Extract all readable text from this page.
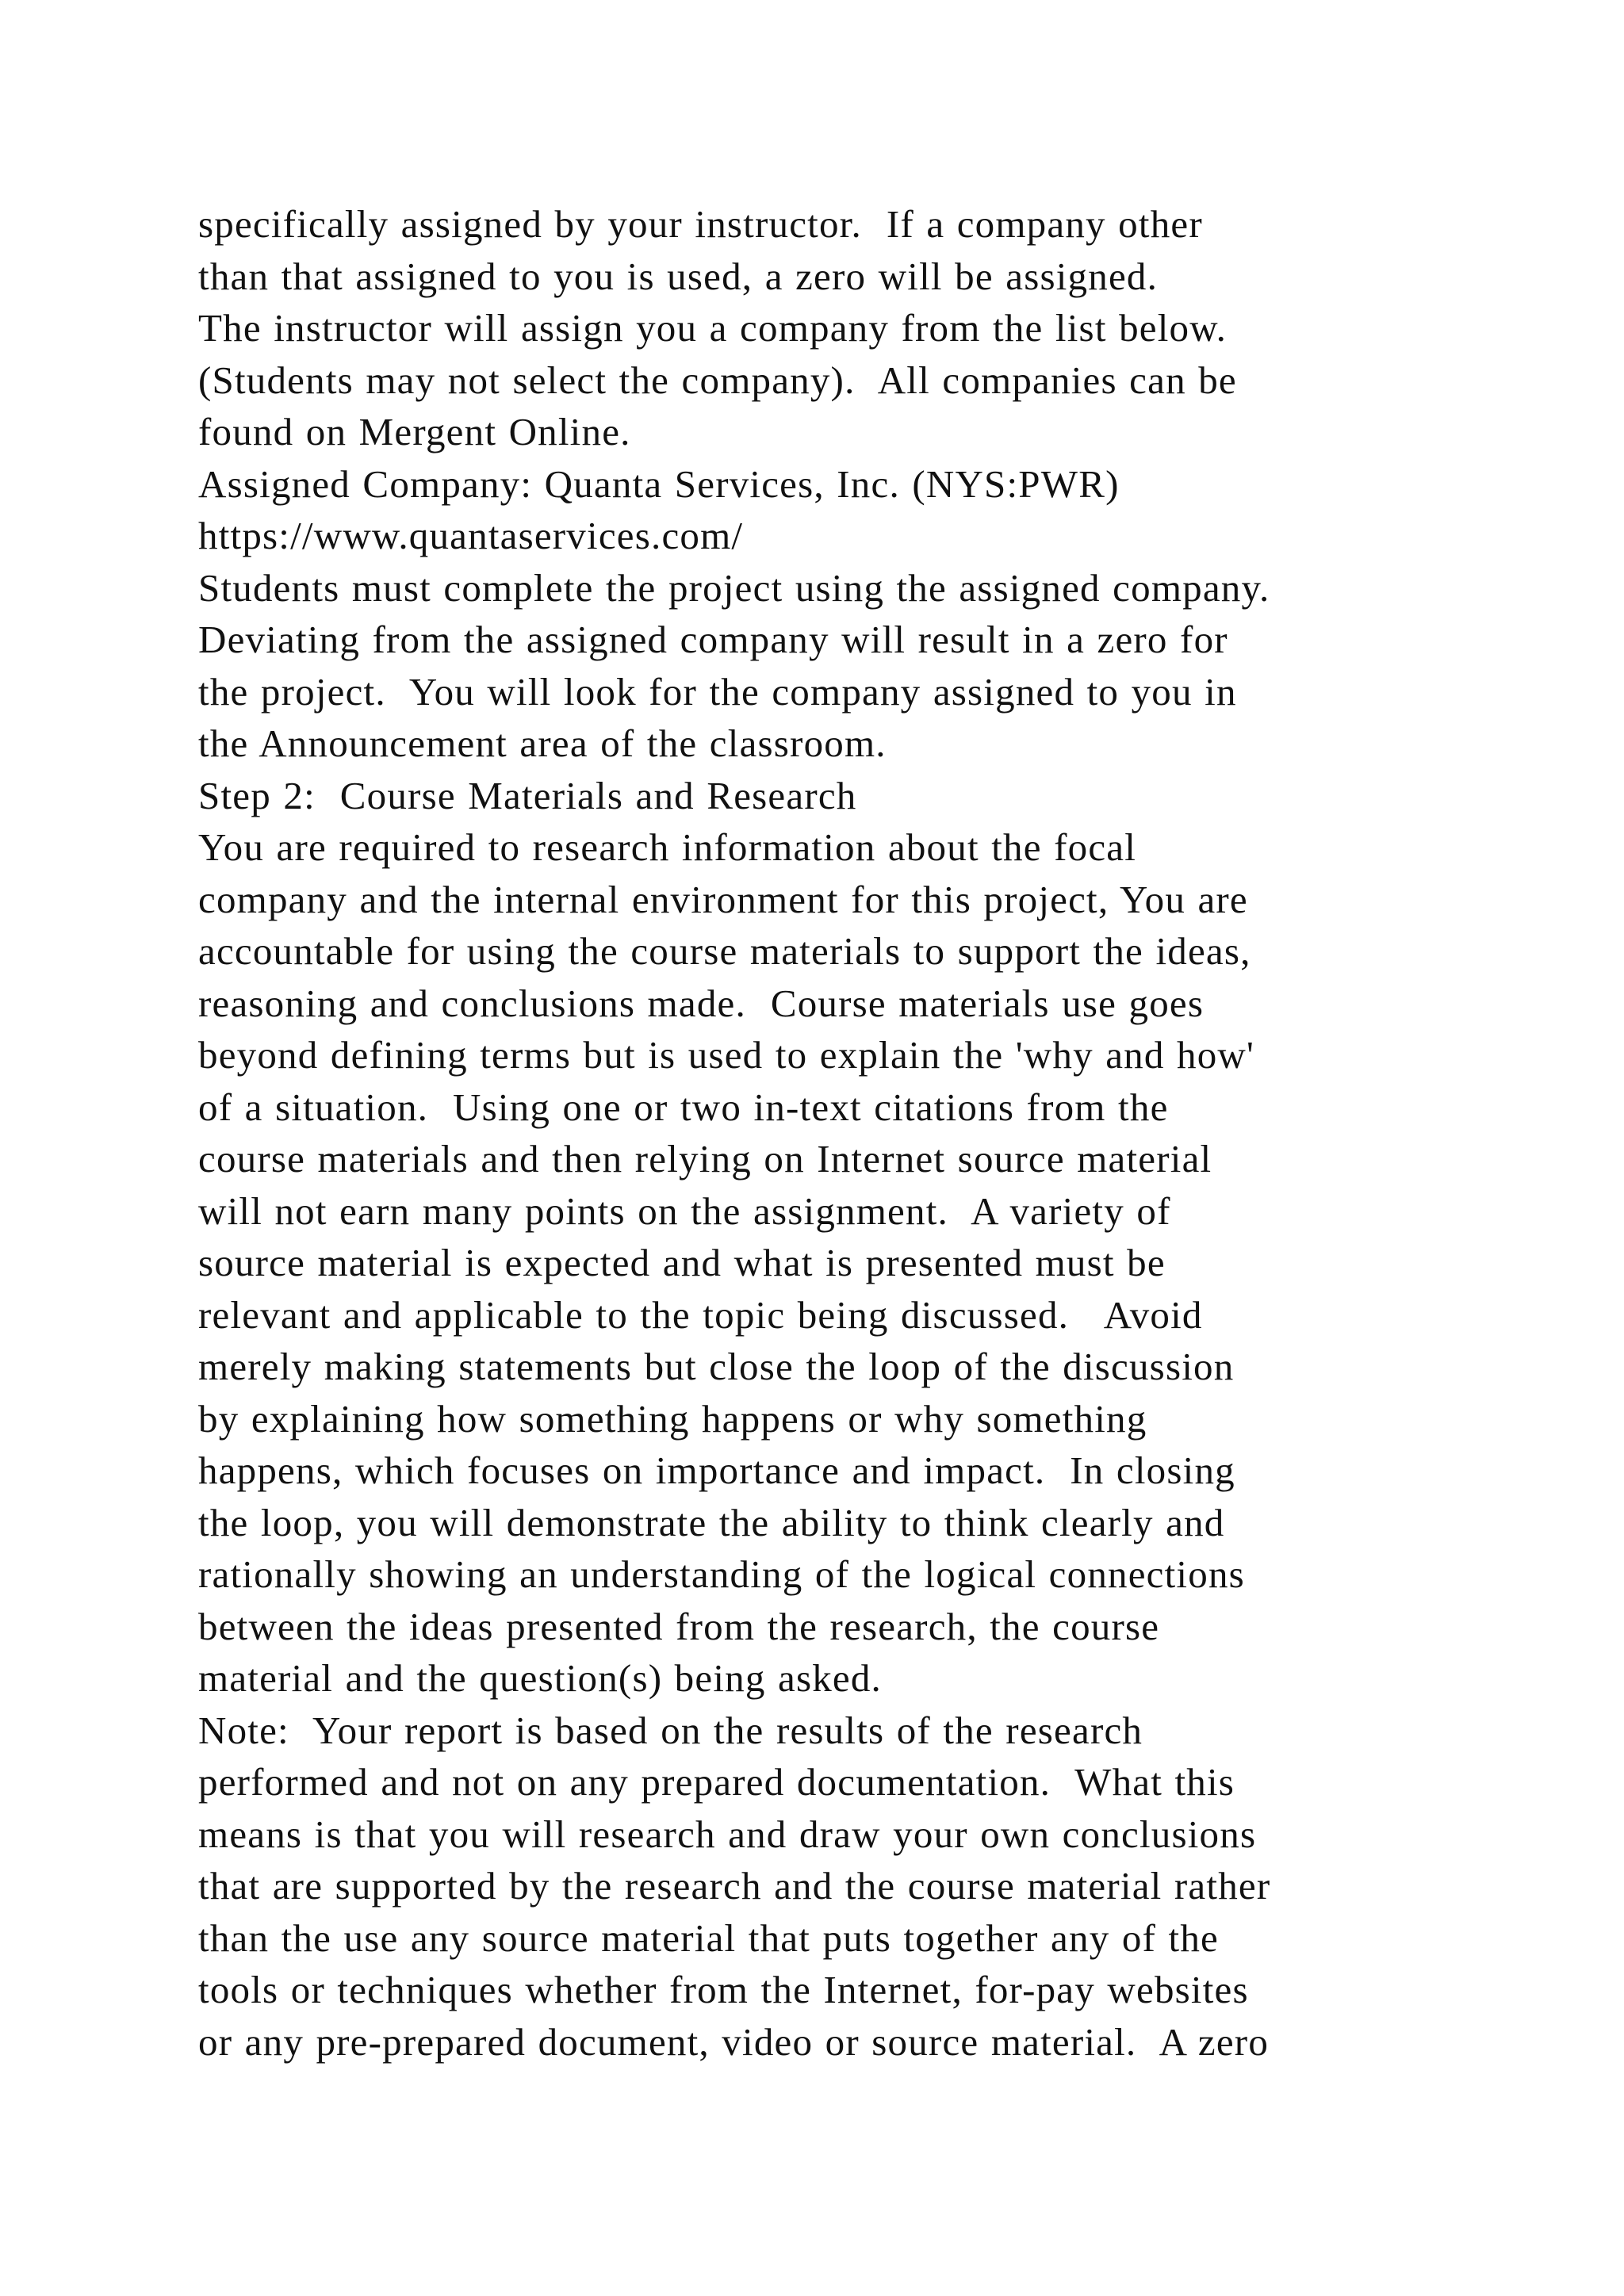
specifically assigned by your instructor.  If a company other
than that assigned to you is used, a zero will be assigned.
The instructor will assign you a company from the list below.
(Students may not select the company).  All companies can be
found on Mergent Online.
Assigned Company: Quanta Services, Inc. (NYS:PWR)
https://www.quantaservices.com/
Students must complete the project using the assigned company.
Deviating from the assigned company will result in a zero for
the project.  You will look for the company assigned to you in
the Announcement area of the classroom.
Step 2:  Course Materials and Research
You are required to research information about the focal
company and the internal environment for this project, You are
accountable for using the course materials to support the ideas,
reasoning and conclusions made.  Course materials use goes
beyond defining terms but is used to explain the 'why and how'
of a situation.  Using one or two in-text citations from the
course materials and then relying on Internet source material
will not earn many points on the assignment.  A variety of
source material is expected and what is presented must be
relevant and applicable to the topic being discussed.   Avoid
merely making statements but close the loop of the discussion
by explaining how something happens or why something
happens, which focuses on importance and impact.  In closing
the loop, you will demonstrate the ability to think clearly and
rationally showing an understanding of the logical connections
between the ideas presented from the research, the course
material and the question(s) being asked.
Note:  Your report is based on the results of the research
performed and not on any prepared documentation.  What this
means is that you will research and draw your own conclusions
that are supported by the research and the course material rather
than the use any source material that puts together any of the
tools or techniques whether from the Internet, for-pay websites
or any pre-prepared document, video or source material.  A zero
